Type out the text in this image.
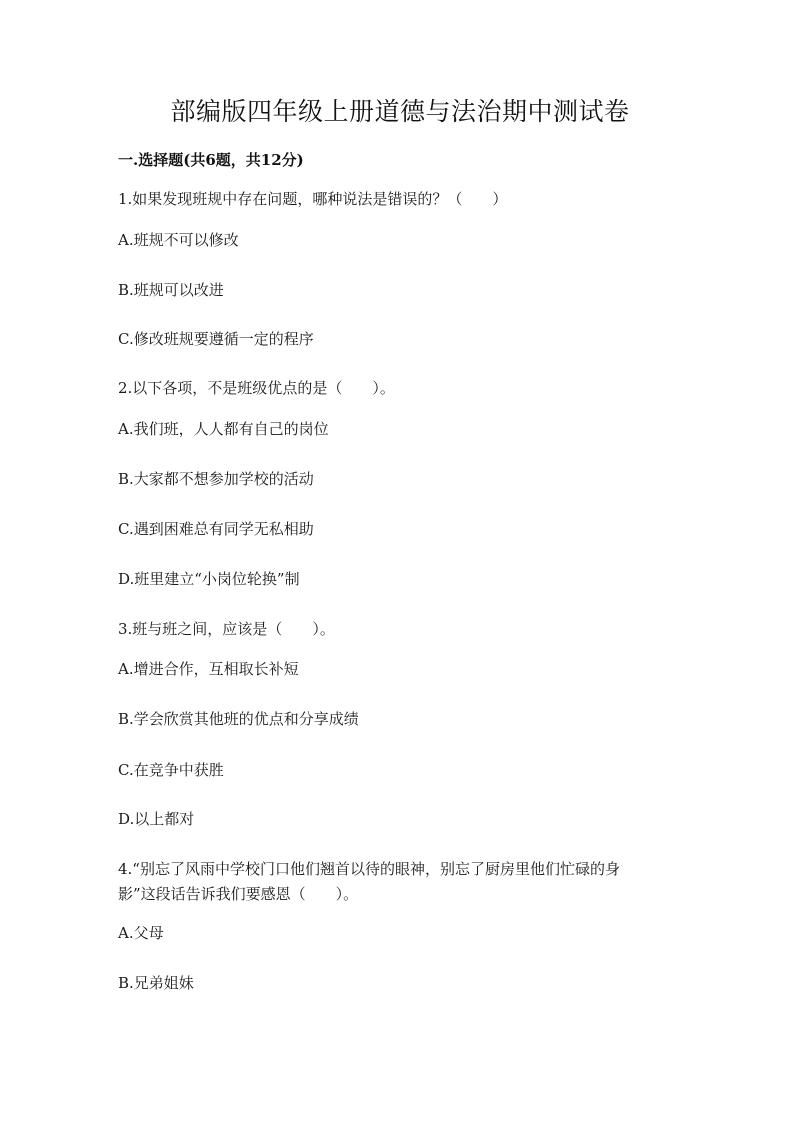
部编版四年级上册道德与法治期中测试卷
一.选择题(共6题，共12分)
1.如果发现班规中存在问题，哪种说法是错误的？（　　）
A.班规不可以修改
B.班规可以改进
C.修改班规要遵循一定的程序
2.以下各项，不是班级优点的是（　　）。
A.我们班，人人都有自己的岗位
B.大家都不想参加学校的活动
C.遇到困难总有同学无私相助
D.班里建立“小岗位轮换”制
3.班与班之间，应该是（　　）。
A.增进合作，互相取长补短
B.学会欣赏其他班的优点和分享成绩
C.在竞争中获胜
D.以上都对
4.“别忘了风雨中学校门口他们翘首以待的眼神，别忘了厨房里他们忙碌的身
影”这段话告诉我们要感恩（　　）。
A.父母
B.兄弟姐妹
